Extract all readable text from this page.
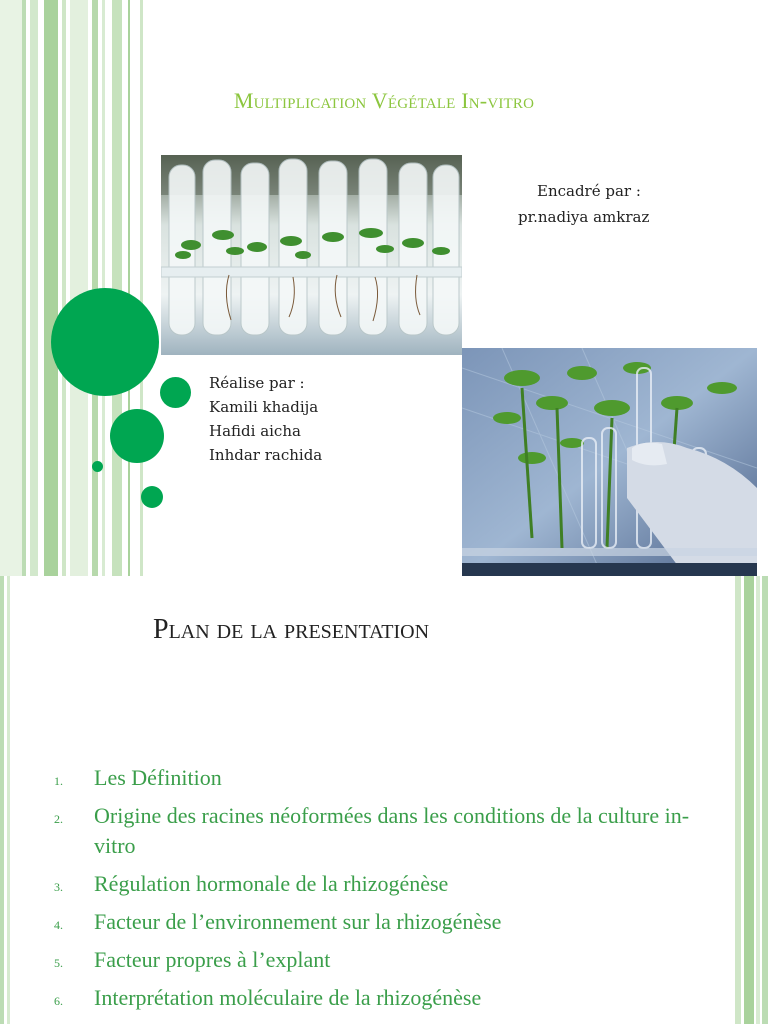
Multiplication Végétale In-vitro
Encadré par :
pr.nadiya amkraz
Réalise par :
Kamili khadija
Hafidi aicha
Inhdar rachida
Plan de la presentation
1. Les Définition
2. Origine des racines néoformées dans les conditions de la culture in-vitro
3. Régulation hormonale de la rhizogénèse
4. Facteur de l’environnement sur la rhizogénèse
5. Facteur propres à l’explant
6. Interprétation moléculaire de la rhizogénèse
